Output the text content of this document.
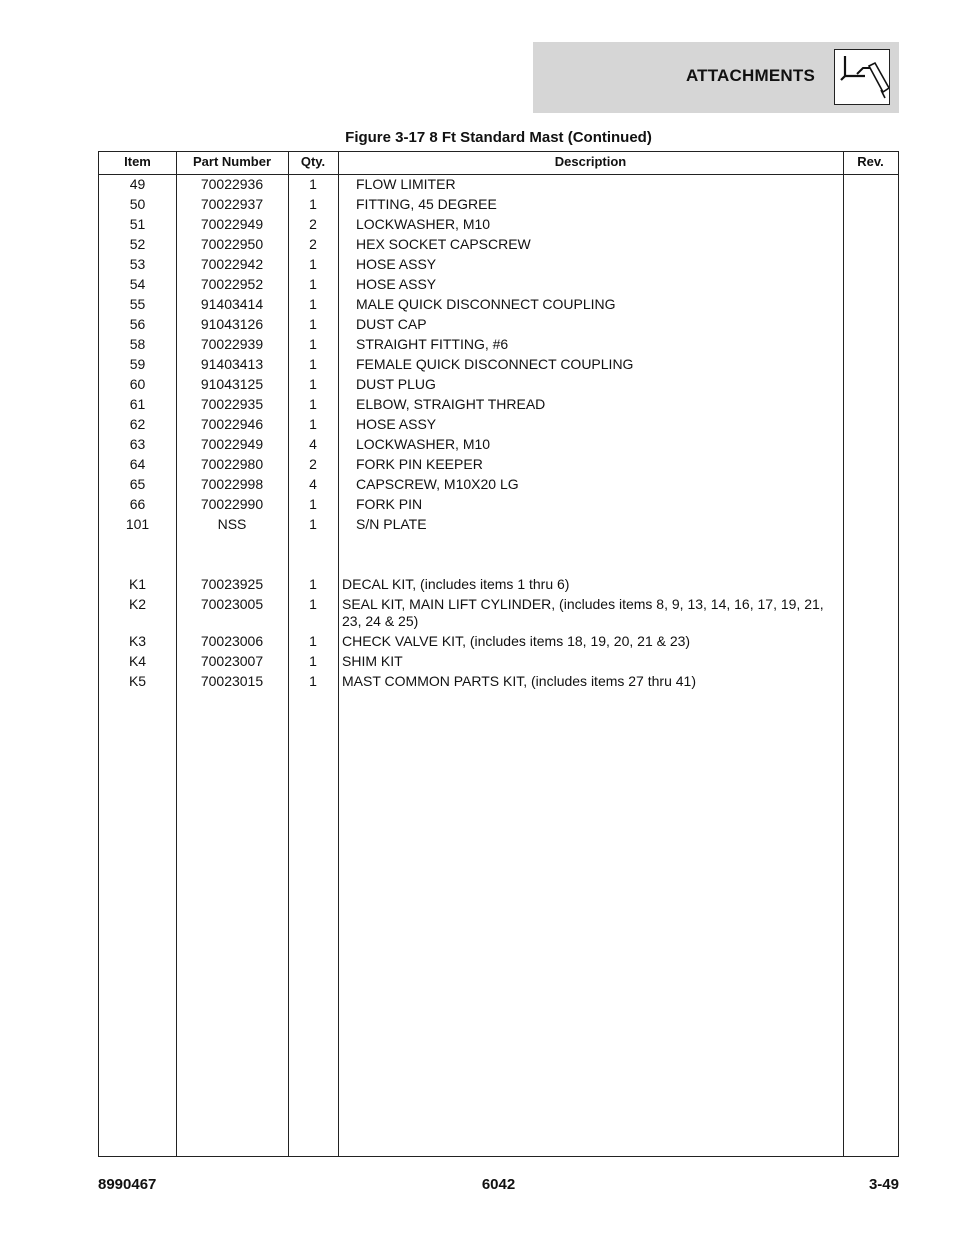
ATTACHMENTS
Figure 3-17 8 Ft Standard Mast (Continued)
Item	Part Number	Qty.	Description	Rev.
49	70022936	1	FLOW LIMITER
50	70022937	1	FITTING, 45 DEGREE
51	70022949	2	LOCKWASHER, M10
52	70022950	2	HEX SOCKET CAPSCREW
53	70022942	1	HOSE ASSY
54	70022952	1	HOSE ASSY
55	91403414	1	MALE QUICK DISCONNECT COUPLING
56	91043126	1	DUST CAP
58	70022939	1	STRAIGHT FITTING, #6
59	91403413	1	FEMALE QUICK DISCONNECT COUPLING
60	91043125	1	DUST PLUG
61	70022935	1	ELBOW, STRAIGHT THREAD
62	70022946	1	HOSE ASSY
63	70022949	4	LOCKWASHER, M10
64	70022980	2	FORK PIN KEEPER
65	70022998	4	CAPSCREW, M10X20 LG
66	70022990	1	FORK PIN
101	NSS	1	S/N PLATE
K1	70023925	1	DECAL KIT, (includes items 1 thru 6)
K2	70023005	1	SEAL KIT, MAIN LIFT CYLINDER, (includes items 8, 9, 13, 14, 16, 17, 19, 21, 23, 24 & 25)
K3	70023006	1	CHECK VALVE KIT, (includes items 18, 19, 20, 21 & 23)
K4	70023007	1	SHIM KIT
K5	70023015	1	MAST COMMON PARTS KIT, (includes items 27 thru 41)
8990467	6042	3-49
